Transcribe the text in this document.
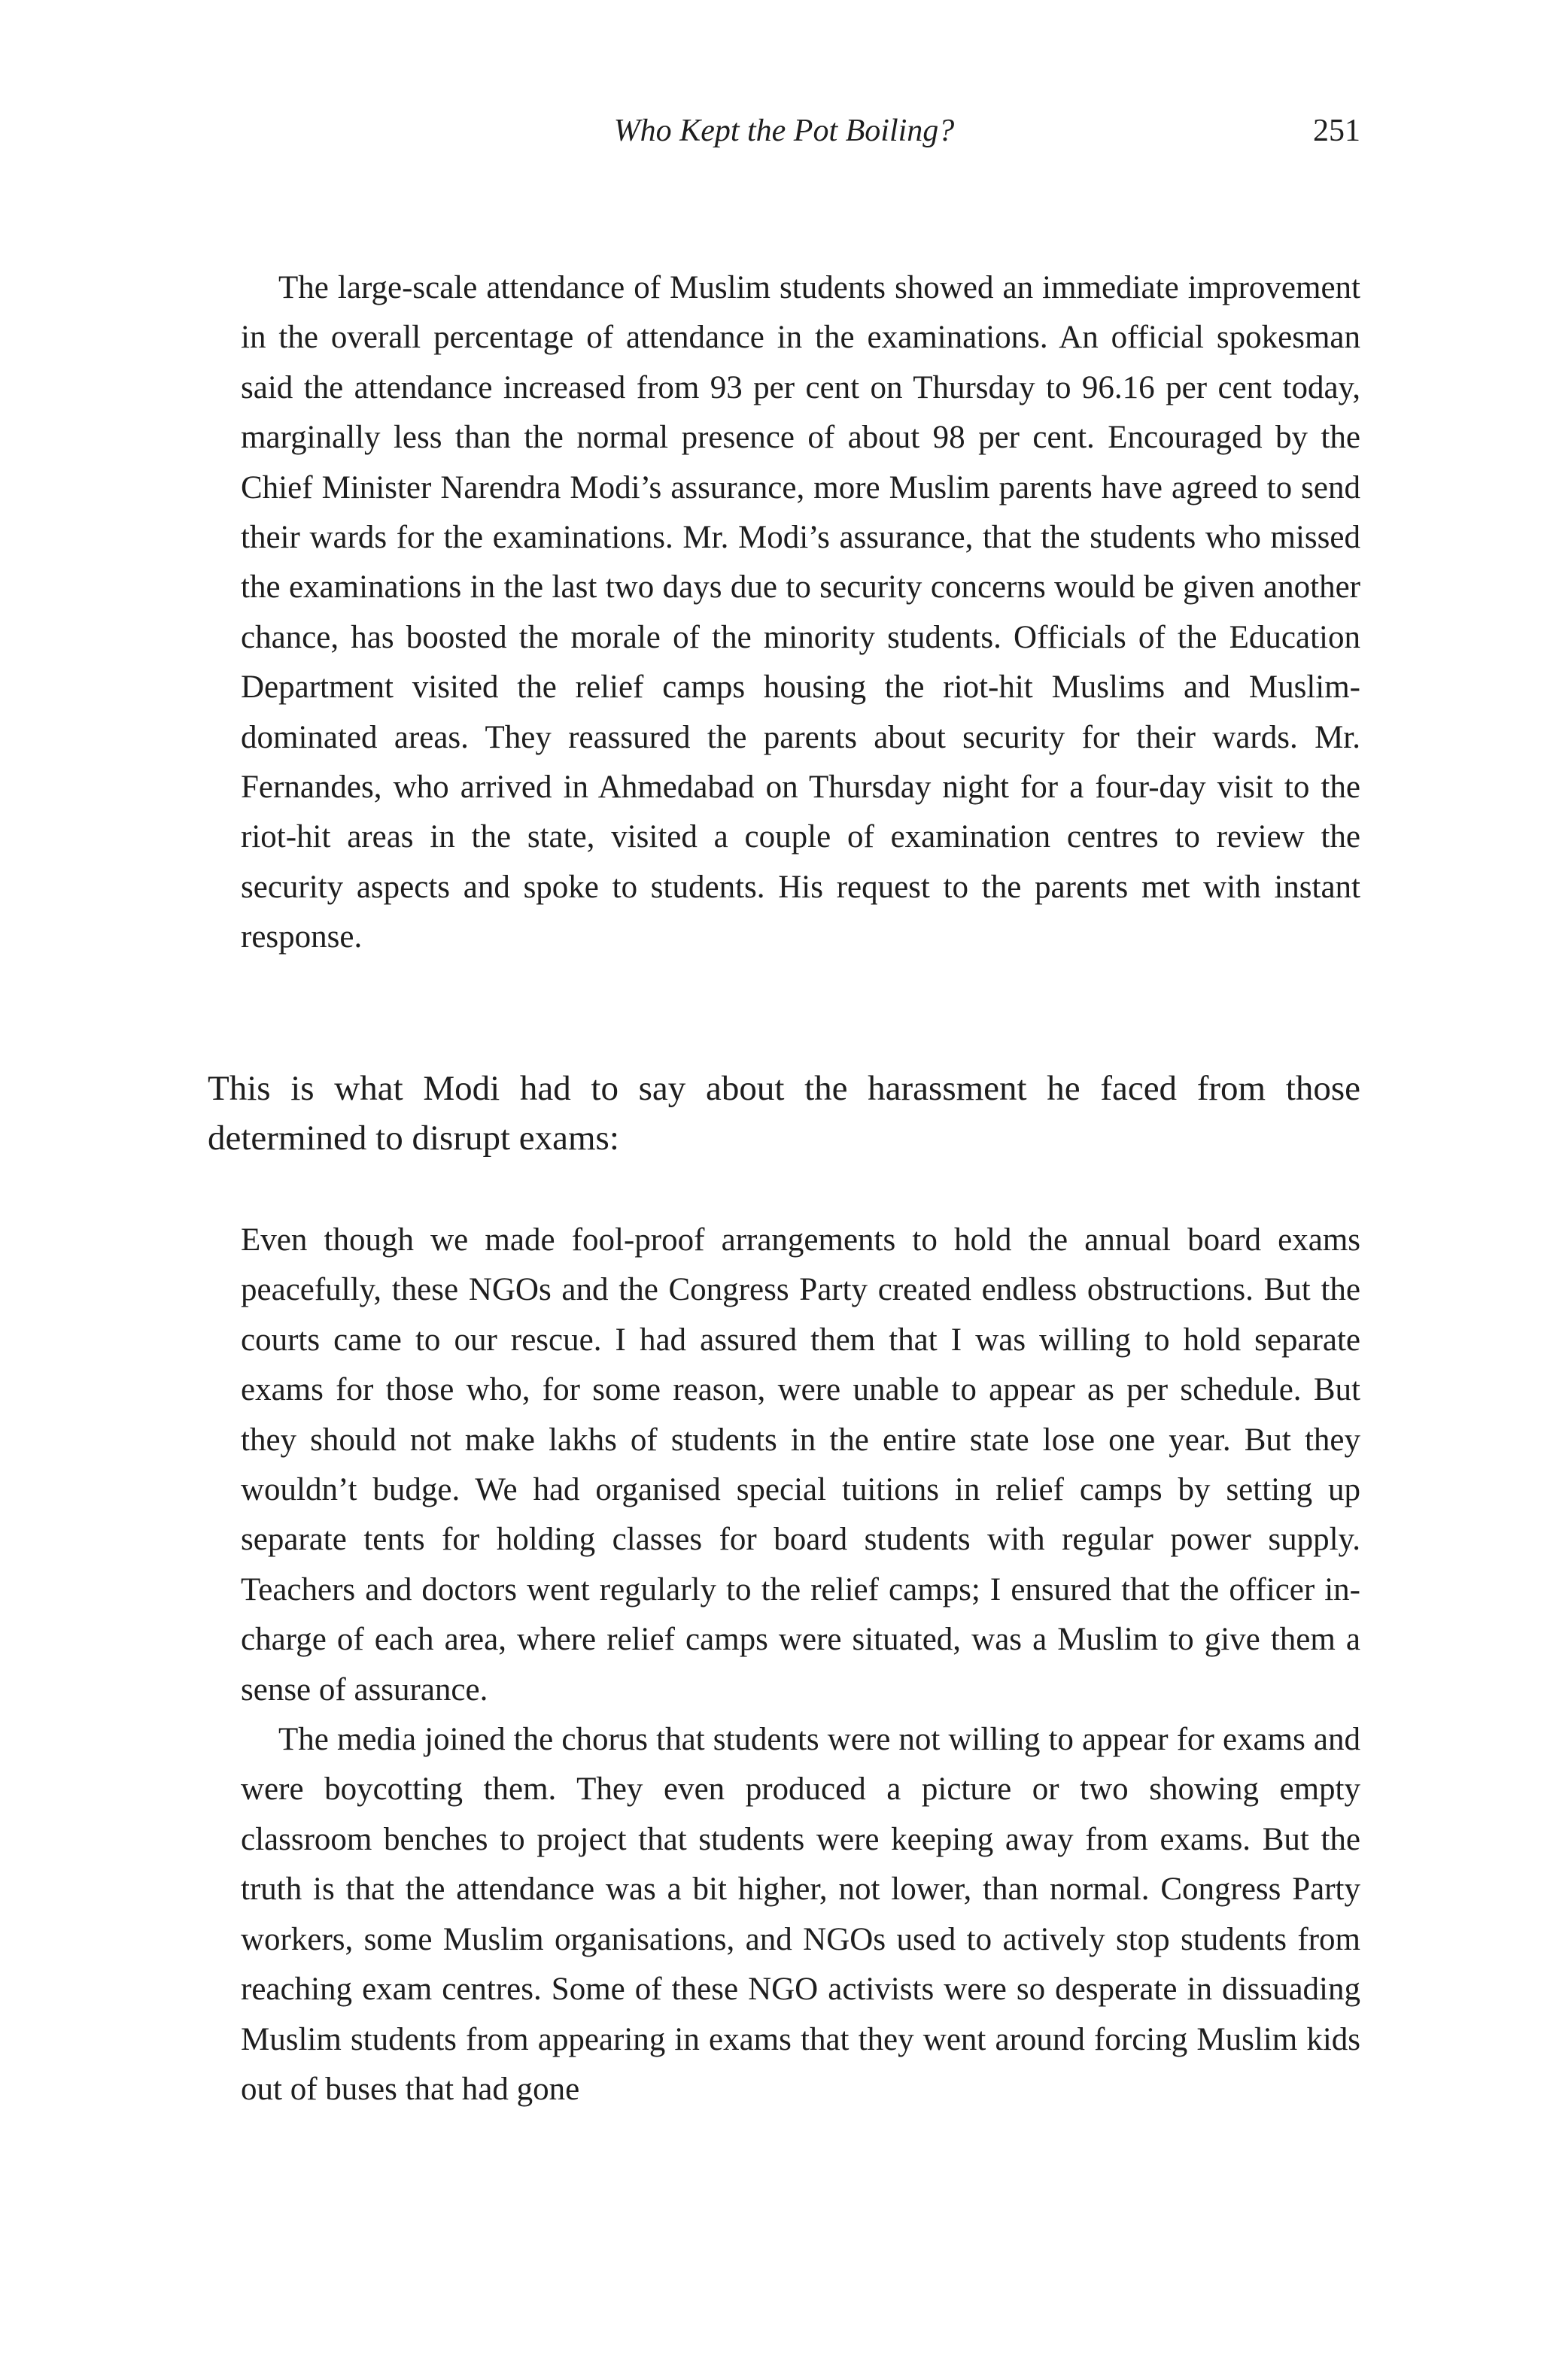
Who Kept the Pot Boiling?	251

The large-scale attendance of Muslim students showed an immediate improvement in the overall percentage of attendance in the examinations. An official spokesman said the attendance increased from 93 per cent on Thursday to 96.16 per cent today, marginally less than the normal presence of about 98 per cent. Encouraged by the Chief Minister Narendra Modi’s assurance, more Muslim parents have agreed to send their wards for the examinations. Mr. Modi’s assurance, that the students who missed the examinations in the last two days due to security concerns would be given another chance, has boosted the morale of the minority students. Officials of the Education Department visited the relief camps housing the riot-hit Muslims and Muslim-dominated areas. They reassured the parents about security for their wards. Mr. Fernandes, who arrived in Ahmedabad on Thursday night for a four-day visit to the riot-hit areas in the state, visited a couple of examination centres to review the security aspects and spoke to students. His request to the parents met with instant response.

This is what Modi had to say about the harassment he faced from those determined to disrupt exams:

Even though we made fool-proof arrangements to hold the annual board exams peacefully, these NGOs and the Congress Party created endless obstructions. But the courts came to our rescue. I had assured them that I was willing to hold separate exams for those who, for some reason, were unable to appear as per schedule. But they should not make lakhs of students in the entire state lose one year. But they wouldn’t budge. We had organised special tuitions in relief camps by setting up separate tents for holding classes for board students with regular power supply. Teachers and doctors went regularly to the relief camps; I ensured that the officer in-charge of each area, where relief camps were situated, was a Muslim to give them a sense of assurance.

The media joined the chorus that students were not willing to appear for exams and were boycotting them. They even produced a picture or two showing empty classroom benches to project that students were keeping away from exams. But the truth is that the attendance was a bit higher, not lower, than normal. Congress Party workers, some Muslim organisations, and NGOs used to actively stop students from reaching exam centres. Some of these NGO activists were so desperate in dissuading Muslim students from appearing in exams that they went around forcing Muslim kids out of buses that had gone
